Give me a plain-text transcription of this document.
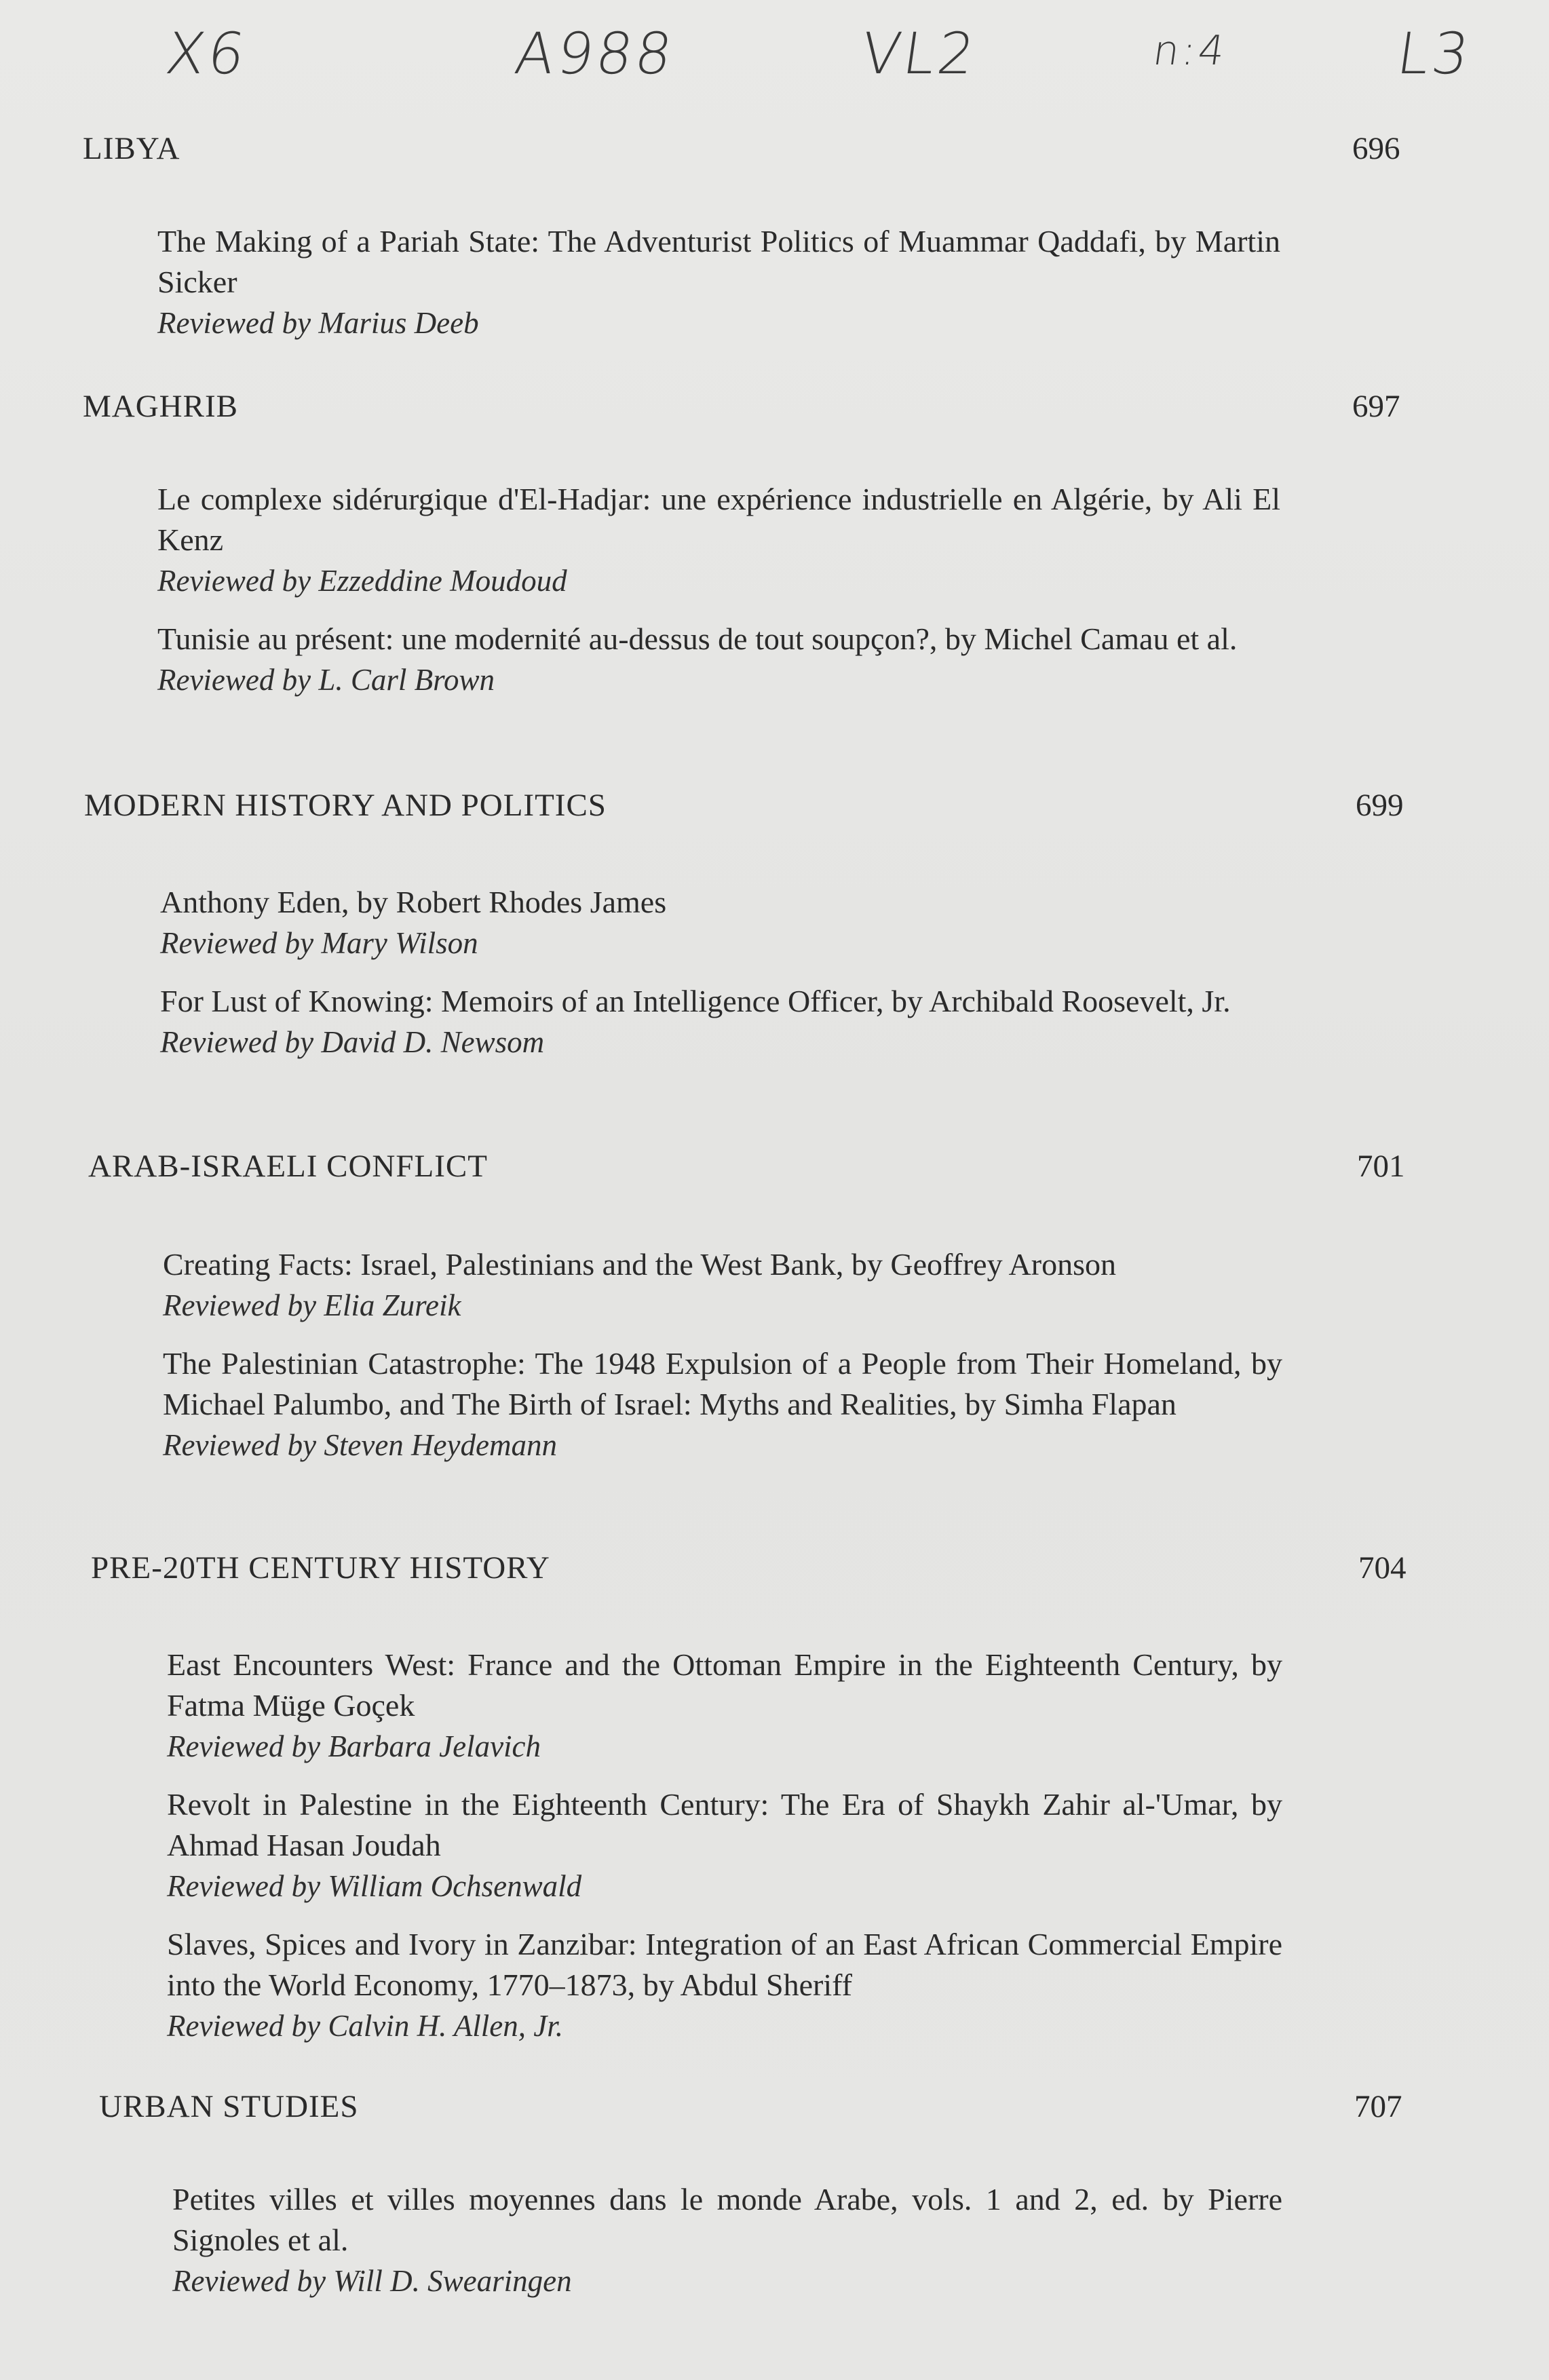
X6	A988	VL2	n:4	L3
LIBYA	696
The Making of a Pariah State: The Adventurist Politics of Muammar Qaddafi, by Martin Sicker
Reviewed by Marius Deeb
MAGHRIB	697
Le complexe sidérurgique d'El-Hadjar: une expérience industrielle en Algérie, by Ali El Kenz
Reviewed by Ezzeddine Moudoud
Tunisie au présent: une modernité au-dessus de tout soupçon?, by Michel Camau et al.
Reviewed by L. Carl Brown
MODERN HISTORY AND POLITICS	699
Anthony Eden, by Robert Rhodes James
Reviewed by Mary Wilson
For Lust of Knowing: Memoirs of an Intelligence Officer, by Archibald Roosevelt, Jr.
Reviewed by David D. Newsom
ARAB-ISRAELI CONFLICT	701
Creating Facts: Israel, Palestinians and the West Bank, by Geoffrey Aronson
Reviewed by Elia Zureik
The Palestinian Catastrophe: The 1948 Expulsion of a People from Their Homeland, by Michael Palumbo, and The Birth of Israel: Myths and Realities, by Simha Flapan
Reviewed by Steven Heydemann
PRE-20TH CENTURY HISTORY	704
East Encounters West: France and the Ottoman Empire in the Eighteenth Century, by Fatma Müge Goçek
Reviewed by Barbara Jelavich
Revolt in Palestine in the Eighteenth Century: The Era of Shaykh Zahir al-'Umar, by Ahmad Hasan Joudah
Reviewed by William Ochsenwald
Slaves, Spices and Ivory in Zanzibar: Integration of an East African Commercial Empire into the World Economy, 1770–1873, by Abdul Sheriff
Reviewed by Calvin H. Allen, Jr.
URBAN STUDIES	707
Petites villes et villes moyennes dans le monde Arabe, vols. 1 and 2, ed. by Pierre Signoles et al.
Reviewed by Will D. Swearingen
